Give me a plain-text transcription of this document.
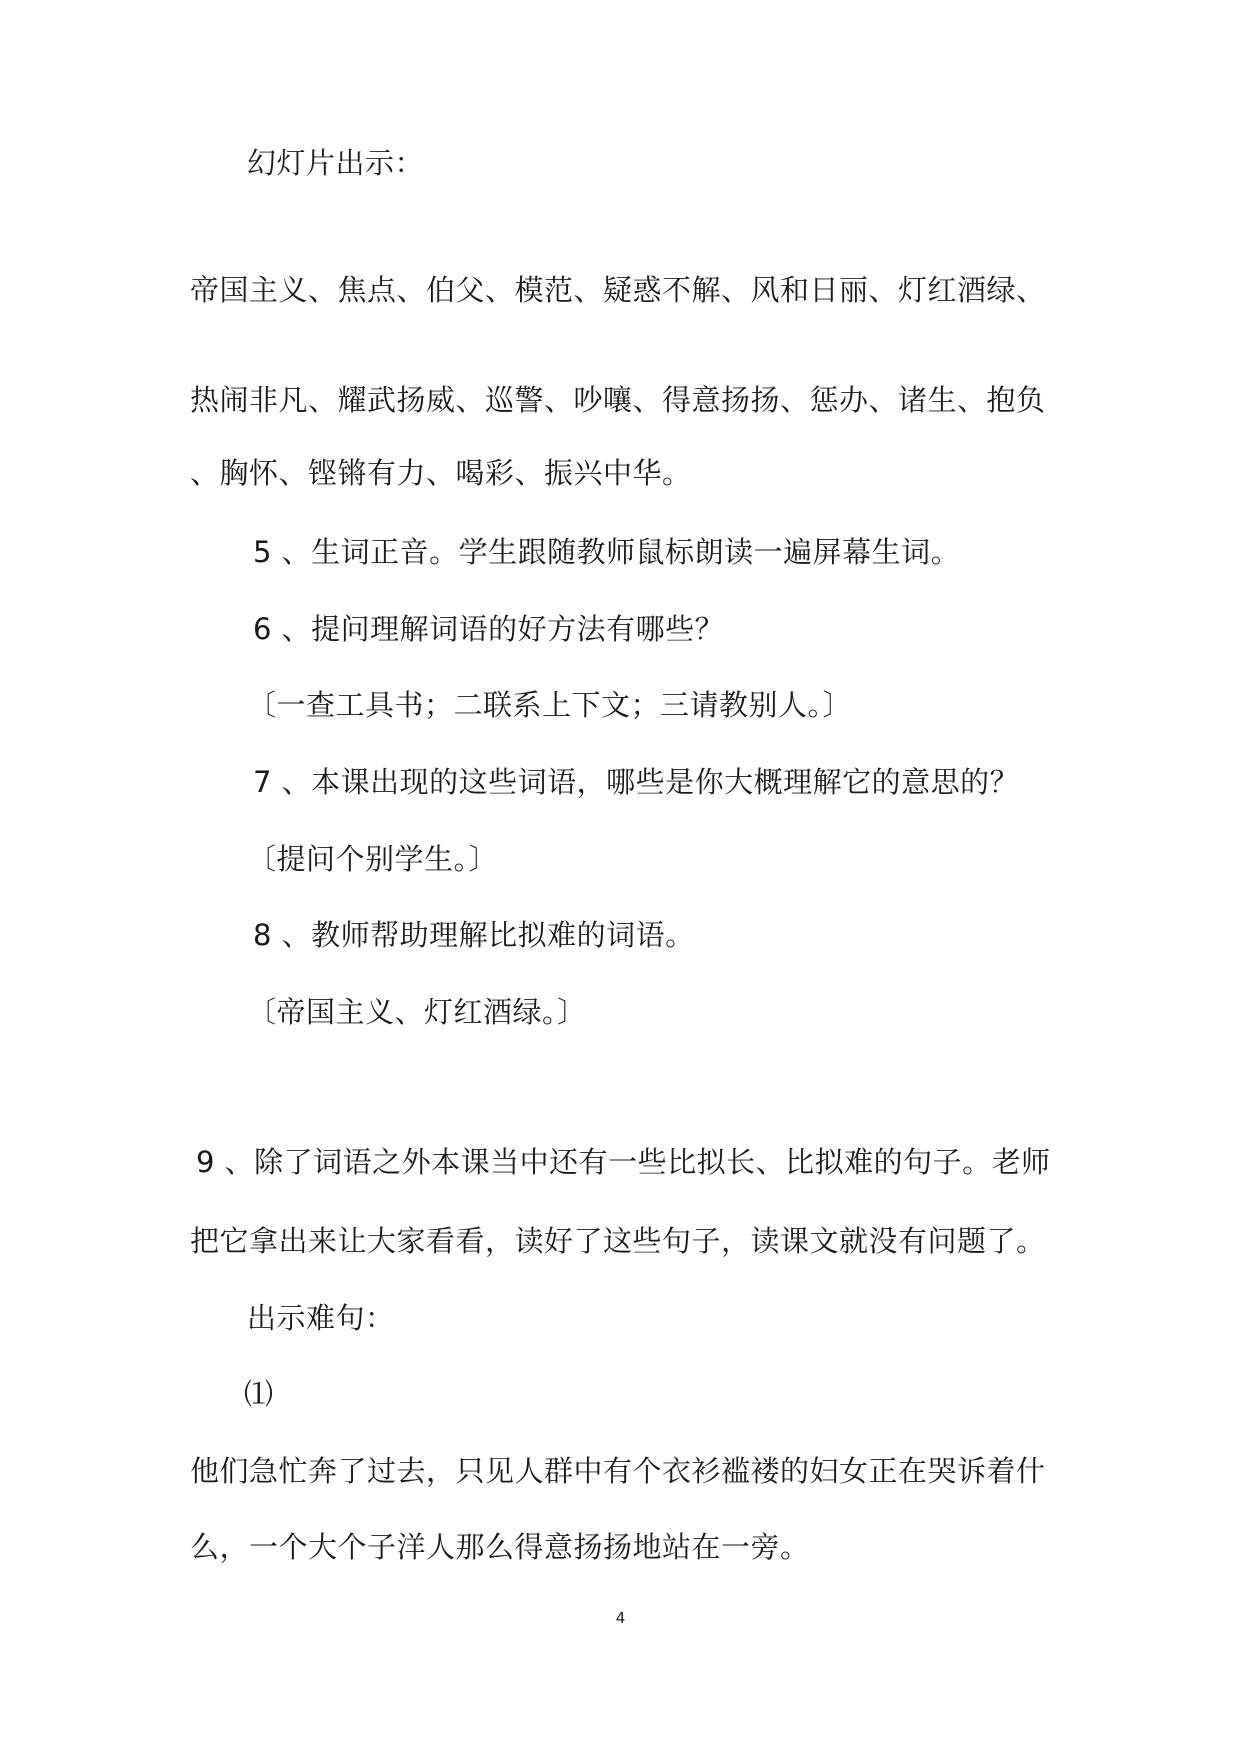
幻灯片出示：
帝国主义、焦点、伯父、模范、疑惑不解、风和日丽、灯红酒绿、
热闹非凡、耀武扬威、巡警、吵嚷、得意扬扬、惩办、诸生、抱负
、胸怀、铿锵有力、喝彩、振兴中华。
5 、生词正音。学生跟随教师鼠标朗读一遍屏幕生词。
6 、提问理解词语的好方法有哪些？
〔一查工具书；二联系上下文；三请教别人。〕
7 、本课出现的这些词语，哪些是你大概理解它的意思的？
〔提问个别学生。〕
8 、教师帮助理解比拟难的词语。
〔帝国主义、灯红酒绿。〕
9 、除了词语之外本课当中还有一些比拟长、比拟难的句子。老师
把它拿出来让大家看看，读好了这些句子，读课文就没有问题了。
出示难句：
⑴
他们急忙奔了过去，只见人群中有个衣衫褴褛的妇女正在哭诉着什
么，一个大个子洋人那么得意扬扬地站在一旁。
4
